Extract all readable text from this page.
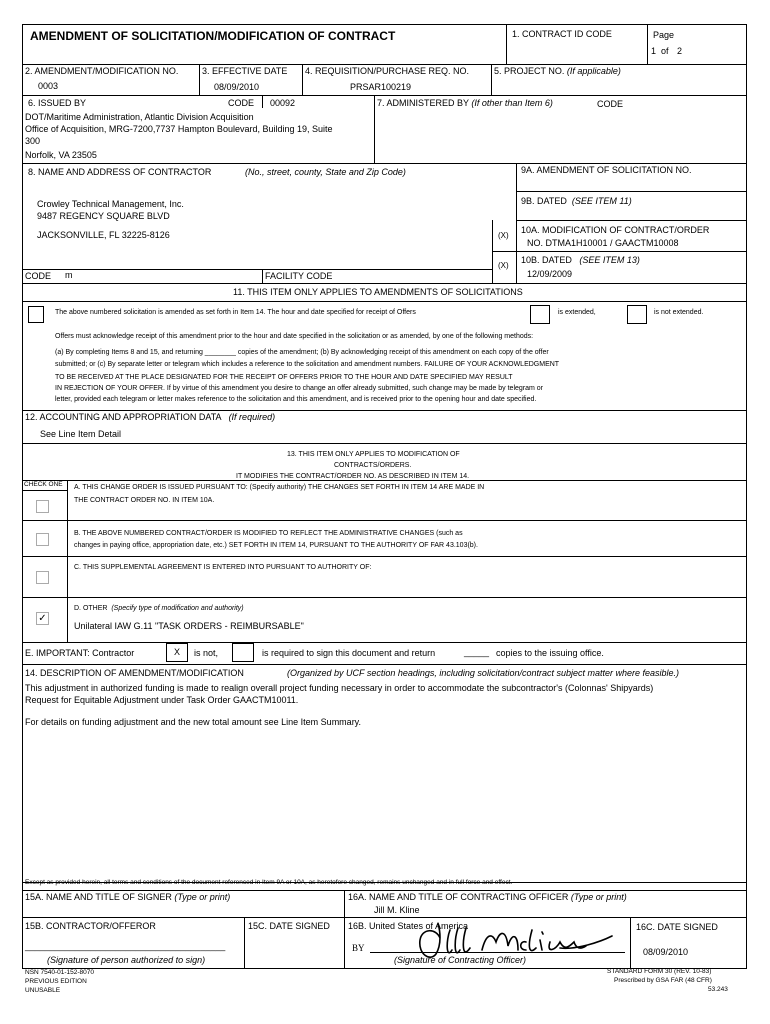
AMENDMENT OF SOLICITATION/MODIFICATION OF CONTRACT	1. CONTRACT ID CODE	Page
1 of 2
2. AMENDMENT/MODIFICATION NO.
0003
3. EFFECTIVE DATE
08/09/2010
4. REQUISITION/PURCHASE REQ. NO.
PRSAR100219
5. PROJECT NO. (If applicable)
6. ISSUED BY	CODE 00092
DOT/Maritime Administration, Atlantic Division Acquisition
Office of Acquisition, MRG-7200,7737 Hampton Boulevard, Building 19, Suite
300
Norfolk, VA 23505
7. ADMINISTERED BY (If other than Item 6)	CODE
8. NAME AND ADDRESS OF CONTRACTOR	(No., street, county, State and Zip Code)
Crowley Technical Management, Inc.
9487 REGENCY SQUARE BLVD
JACKSONVILLE, FL 32225-8126
CODE m	FACILITY CODE
9A. AMENDMENT OF SOLICITATION NO.
9B. DATED (SEE ITEM 11)
(X)
10A. MODIFICATION OF CONTRACT/ORDER
NO. DTMA1H10001 / GAACTM10008
(X)
10B. DATED (SEE ITEM 13)
12/09/2009
11. THIS ITEM ONLY APPLIES TO AMENDMENTS OF SOLICITATIONS
The above numbered solicitation is amended as set forth in Item 14. The hour and date specified for receipt of Offers	is extended,	is not extended.
Offers must acknowledge receipt of this amendment prior to the hour and date specified in the solicitation or as amended, by one of the following methods:
(a) By completing Items 8 and 15, and returning ________ copies of the amendment; (b) By acknowledging receipt of this amendment on each copy of the offer
submitted; or (c) By separate letter or telegram which includes a reference to the solicitation and amendment numbers. FAILURE OF YOUR ACKNOWLEDGMENT
TO BE RECEIVED AT THE PLACE DESIGNATED FOR THE RECEIPT OF OFFERS PRIOR TO THE HOUR AND DATE SPECIFIED MAY RESULT
IN REJECTION OF YOUR OFFER. If by virtue of this amendment you desire to change an offer already submitted, such change may be made by telegram or
letter, provided each telegram or letter makes reference to the solicitation and this amendment, and is received prior to the opening hour and date specified.
12. ACCOUNTING AND APPROPRIATION DATA (If required)
See Line Item Detail
13. THIS ITEM ONLY APPLIES TO MODIFICATION OF
CONTRACTS/ORDERS.
IT MODIFIES THE CONTRACT/ORDER NO. AS DESCRIBED IN ITEM 14.
CHECK ONE A. THIS CHANGE ORDER IS ISSUED PURSUANT TO: (Specify authority) THE CHANGES SET FORTH IN ITEM 14 ARE MADE IN
THE CONTRACT ORDER NO. IN ITEM 10A.
B. THE ABOVE NUMBERED CONTRACT/ORDER IS MODIFIED TO REFLECT THE ADMINISTRATIVE CHANGES (such as
changes in paying office, appropriation date, etc.) SET FORTH IN ITEM 14, PURSUANT TO THE AUTHORITY OF FAR 43.103(b).
C. THIS SUPPLEMENTAL AGREEMENT IS ENTERED INTO PURSUANT TO AUTHORITY OF:
D. OTHER (Specify type of modification and authority)
Unilateral IAW G.11 "TASK ORDERS - REIMBURSABLE"
✓
E. IMPORTANT: Contractor	X	is not,	is required to sign this document and return	_____ copies to the issuing office.
14. DESCRIPTION OF AMENDMENT/MODIFICATION	(Organized by UCF section headings, including solicitation/contract subject matter where feasible.)
This adjustment in authorized funding is made to realign overall project funding necessary in order to accommodate the subcontractor's (Colonnas' Shipyards)
Request for Equitable Adjustment under Task Order GAACTM10011.
For details on funding adjustment and the new total amount see Line Item Summary.
Except as provided herein, all terms and conditions of the document referenced in Item 9A or 10A, as heretofore changed, remains unchanged and in full force and effect.
15A. NAME AND TITLE OF SIGNER (Type or print)	16A. NAME AND TITLE OF CONTRACTING OFFICER (Type or print)
Jill M. Kline
15B. CONTRACTOR/OFFEROR	15C. DATE SIGNED 16B. United States of America	16C. DATE SIGNED
________________________________________
(Signature of person authorized to sign)
BY
(Signature of Contracting Officer)
08/09/2010
NSN 7540-01-152-8070
PREVIOUS EDITION
UNUSABLE
STANDARD FORM 30 (REV. 10-83)
Prescribed by GSA FAR (48 CFR)
53.243
